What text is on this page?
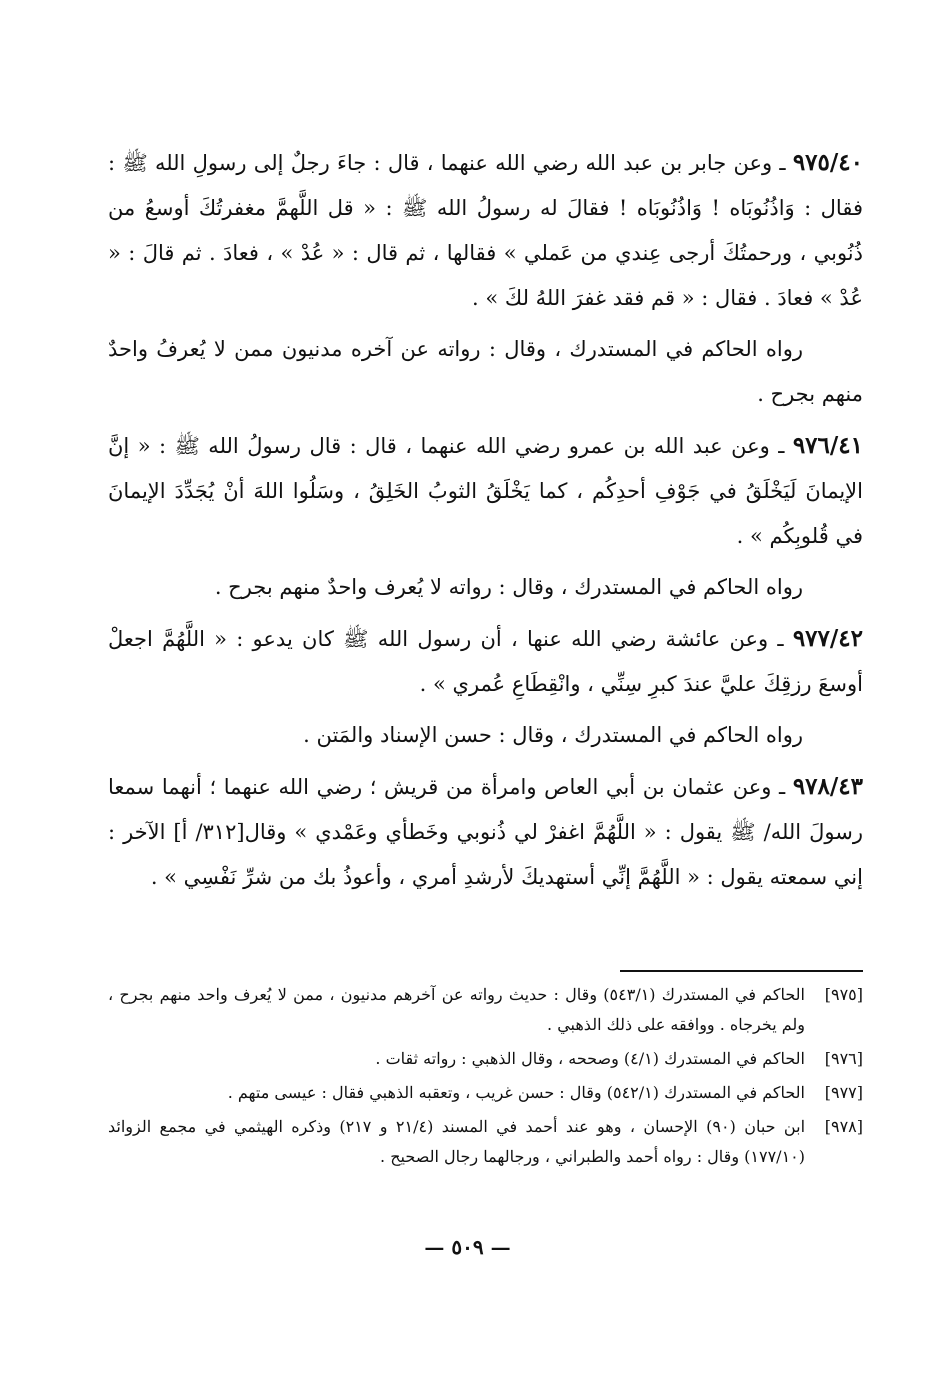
٩٧٥/٤٠ ـ وعن جابر بن عبد الله رضي الله عنهما ، قال : جاءَ رجلٌ إلى رسولِ الله ﷺ : فقال : وَاذُنُوبَاه ! وَاذُنُوبَاه ! فقالَ له رسولُ الله ﷺ : « قل اللَّهمَّ مغفرتُكَ أوسعُ من ذُنُوبي ، ورحمتُكَ أرجى عِندي من عَملي » فقالها ، ثم قال : « عُدْ » ، فعادَ . ثم قالَ : « عُدْ » فعادَ . فقال : « قم فقد غفرَ اللهُ لكَ » .

رواه الحاكم في المستدرك ، وقال : رواته عن آخره مدنيون ممن لا يُعرفُ واحدٌ منهم بجرح .

٩٧٦/٤١ ـ وعن عبد الله بن عمرو رضي الله عنهما ، قال : قال رسولُ الله ﷺ : « إنَّ الإيمانَ لَيَخْلَقُ في جَوْفِ أحدِكُم ، كما يَخْلَقُ الثوبُ الخَلِقُ ، وسَلُوا اللهَ أنْ يُجَدِّدَ الإيمانَ في قُلوبِكُم » .

رواه الحاكم في المستدرك ، وقال : رواته لا يُعرف واحدٌ منهم بجرح .

٩٧٧/٤٢ ـ وعن عائشة رضي الله عنها ، أن رسول الله ﷺ كان يدعو : « اللَّهُمَّ اجعلْ أوسعَ رزقِكَ عليَّ عندَ كبرِ سِنِّي ، وانْقِطَاعِ عُمري » .

رواه الحاكم في المستدرك ، وقال : حسن الإسناد والمَتن .

٩٧٨/٤٣ ـ وعن عثمان بن أبي العاص وامرأة من قريش ؛ رضي الله عنهما ؛ أنهما سمعا رسولَ الله/ ﷺ يقول : « اللَّهُمَّ اغفرْ لي ذُنوبي وخَطأي وعَمْدي » وقال[٣١٢/ أ] الآخر : إني سمعته يقول : « اللَّهُمَّ إنِّي أستهديكَ لأرشدِ أمري ، وأعوذُ بك من شرِّ نَفْسِي » .

[٩٧٥]
الحاكم في المستدرك (٥٤٣/١) وقال : حديث رواته عن آخرهم مدنيون ، ممن لا يُعرف واحد منهم بجرح ، ولم يخرجاه . ووافقه على ذلك الذهبي .
[٩٧٦]
الحاكم في المستدرك (٤/١) وصححه ، وقال الذهبي : رواته ثقات .
[٩٧٧]
الحاكم في المستدرك (٥٤٢/١) وقال : حسن غريب ، وتعقبه الذهبي فقال : عيسى متهم .
[٩٧٨]
ابن حبان (٩٠) الإحسان ، وهو عند أحمد في المسند (٢١/٤ و ٢١٧) وذكره الهيثمي في مجمع الزوائد (١٧٧/١٠) وقال : رواه أحمد والطبراني ، ورجالهما رجال الصحيح .
— ٥٠٩ —
